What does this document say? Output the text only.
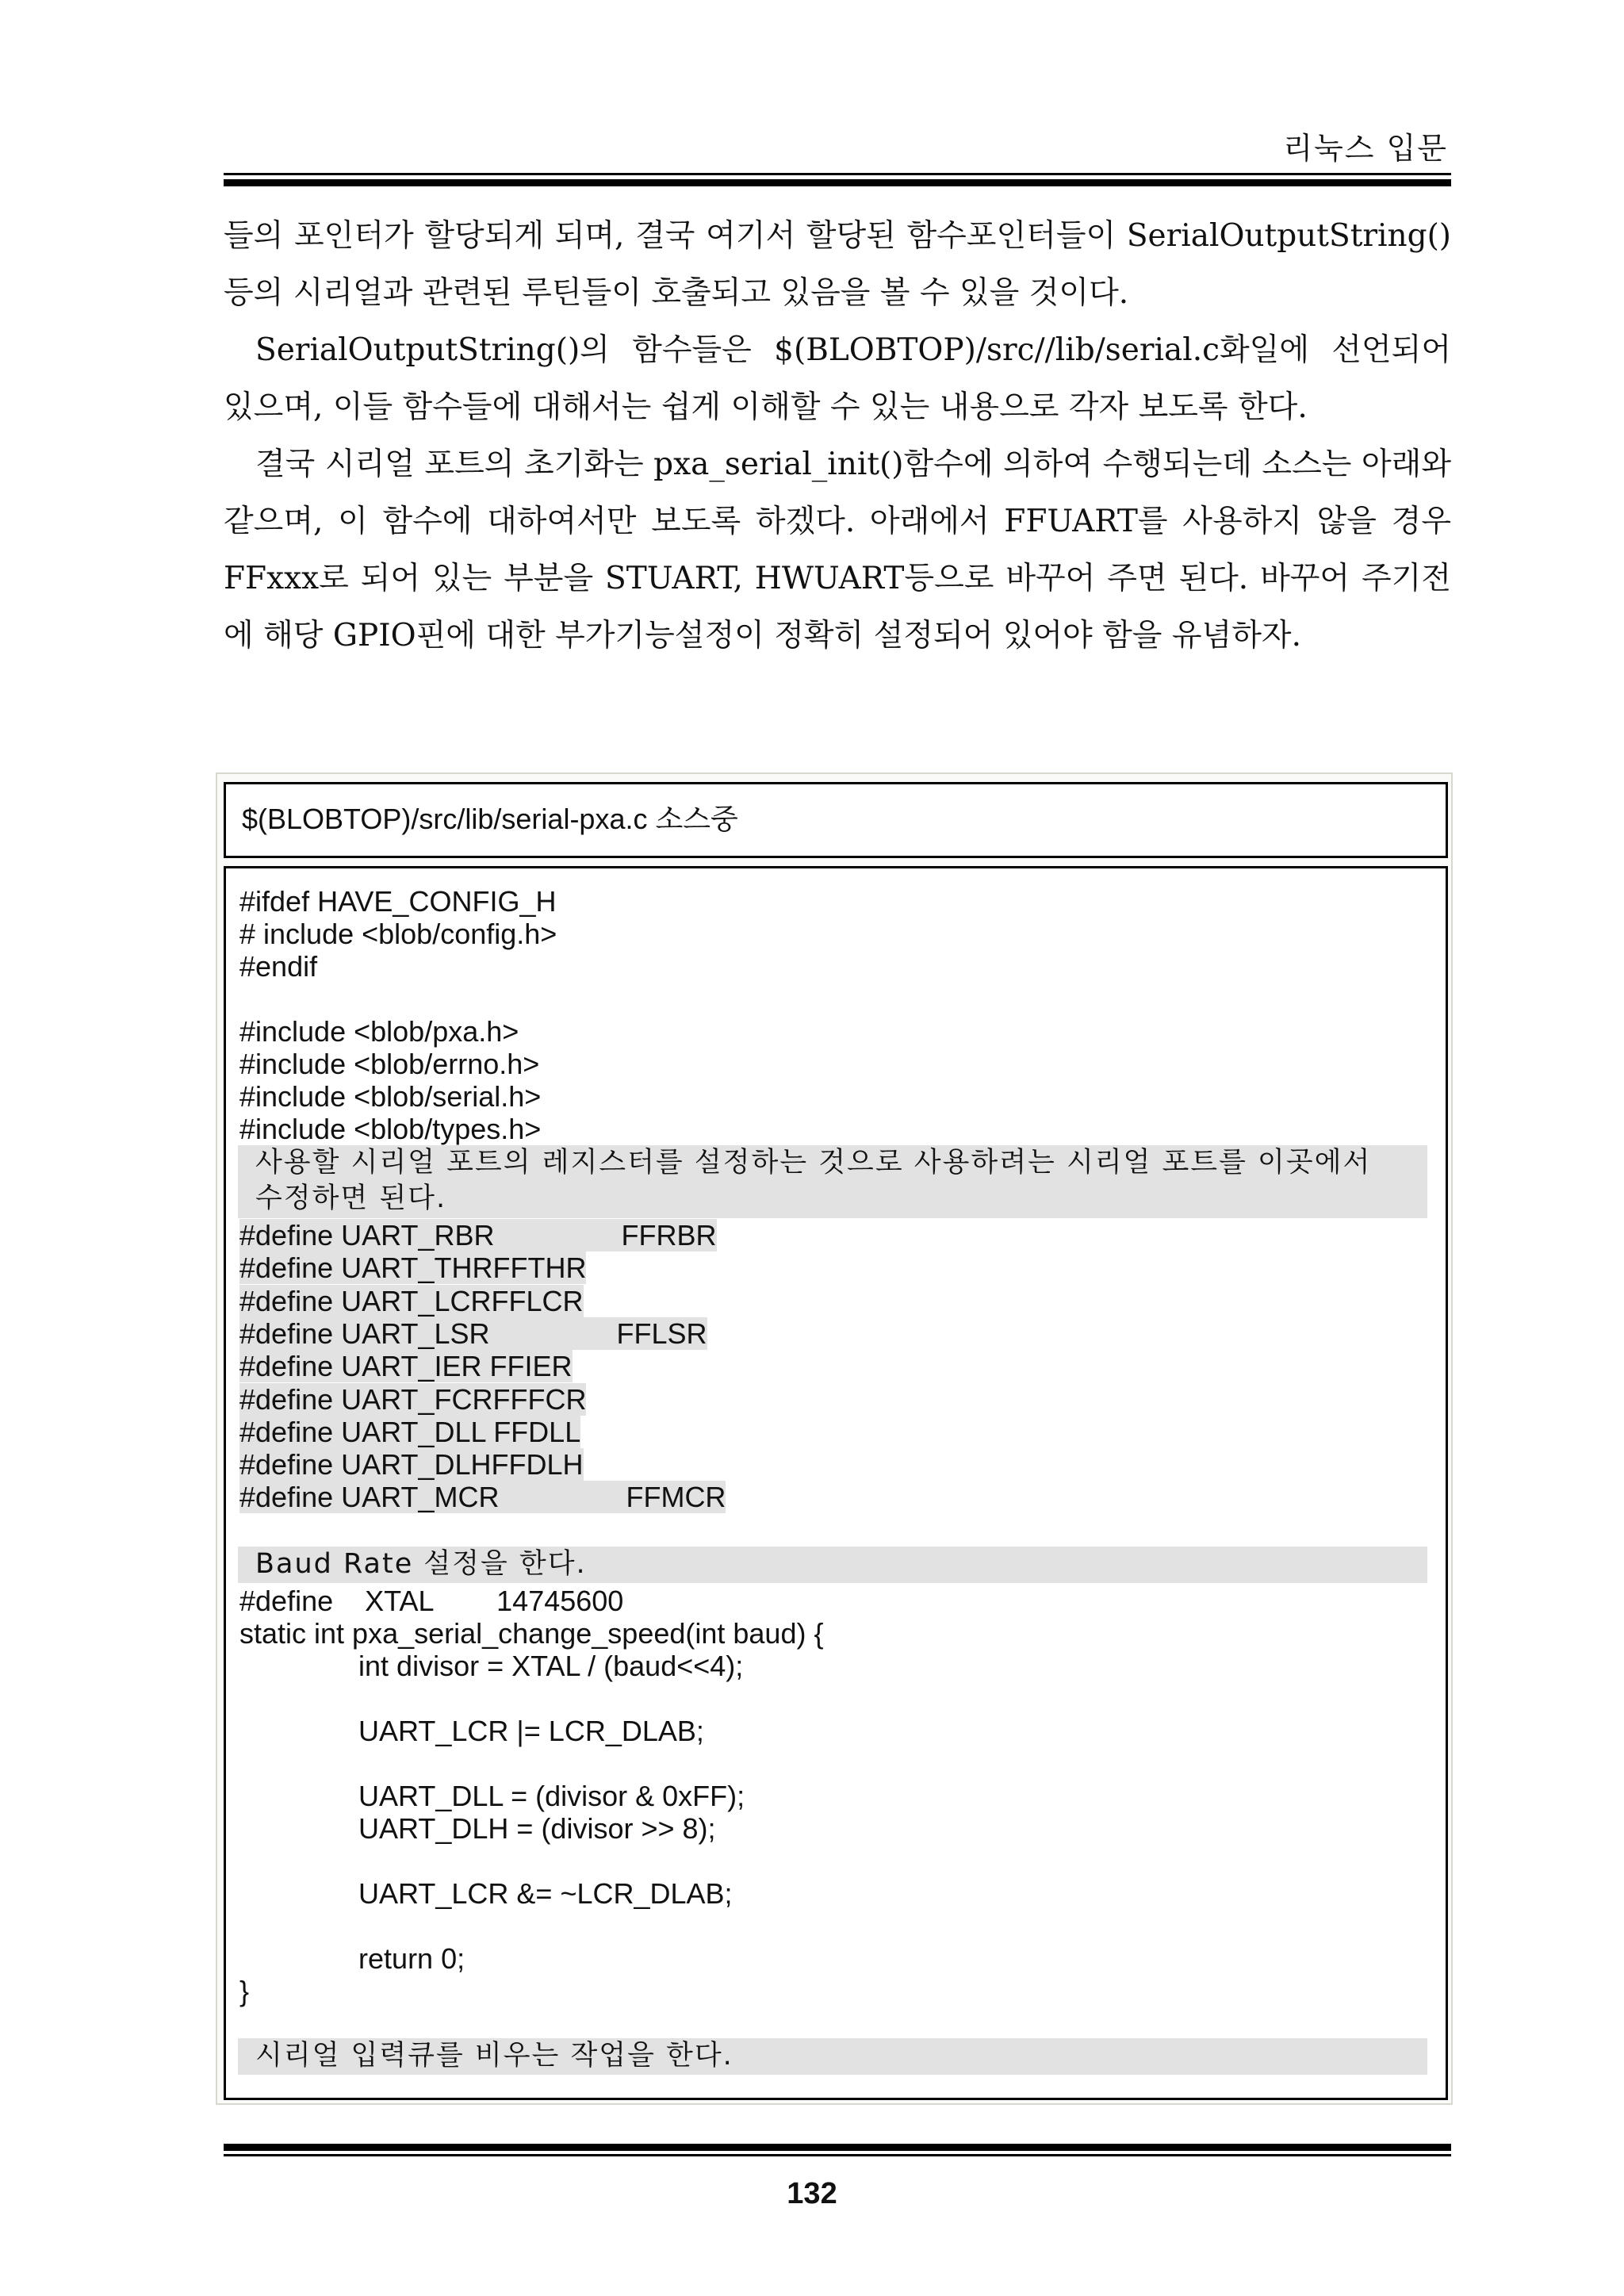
리눅스 입문

들의 포인터가 할당되게 되며, 결국 여기서 할당된 함수포인터들이 SerialOutputString()등의 시리얼과 관련된 루틴들이 호출되고 있음을 볼 수 있을 것이다.

SerialOutputString()의 함수들은 $(BLOBTOP)/src//lib/serial.c화일에 선언되어 있으며, 이들 함수들에 대해서는 쉽게 이해할 수 있는 내용으로 각자 보도록 한다.

결국 시리얼 포트의 초기화는 pxa_serial_init()함수에 의하여 수행되는데 소스는 아래와 같으며, 이 함수에 대하여서만 보도록 하겠다. 아래에서 FFUART를 사용하지 않을 경우 FFxxx로 되어 있는 부분을 STUART, HWUART등으로 바꾸어 주면 된다. 바꾸어 주기전에 해당 GPIO핀에 대한 부가기능설정이 정확히 설정되어 있어야 함을 유념하자.

$(BLOBTOP)/src/lib/serial-pxa.c 소스중
#ifdef HAVE_CONFIG_H
# include <blob/config.h>
#endif
#include <blob/pxa.h>
#include <blob/errno.h>
#include <blob/serial.h>
#include <blob/types.h>
사용할 시리얼 포트의 레지스터를 설정하는 것으로 사용하려는 시리얼 포트를 이곳에서
수정하면 된다.
#define UART_RBR	FFRBR
#define UART_THRFFTHR
#define UART_LCRFFLCR
#define UART_LSR	FFLSR
#define UART_IER FFIER
#define UART_FCRFFFCR
#define UART_DLL FFDLL
#define UART_DLHFFDLH
#define UART_MCR	FFMCR
Baud Rate 설정을 한다.
#define    XTAL        14745600
static int pxa_serial_change_speed(int baud) {
int divisor = XTAL / (baud<<4);
UART_LCR |= LCR_DLAB;
UART_DLL = (divisor & 0xFF);
UART_DLH = (divisor >> 8);
UART_LCR &= ~LCR_DLAB;
return 0;
}
시리얼 입력큐를 비우는 작업을 한다.
132
